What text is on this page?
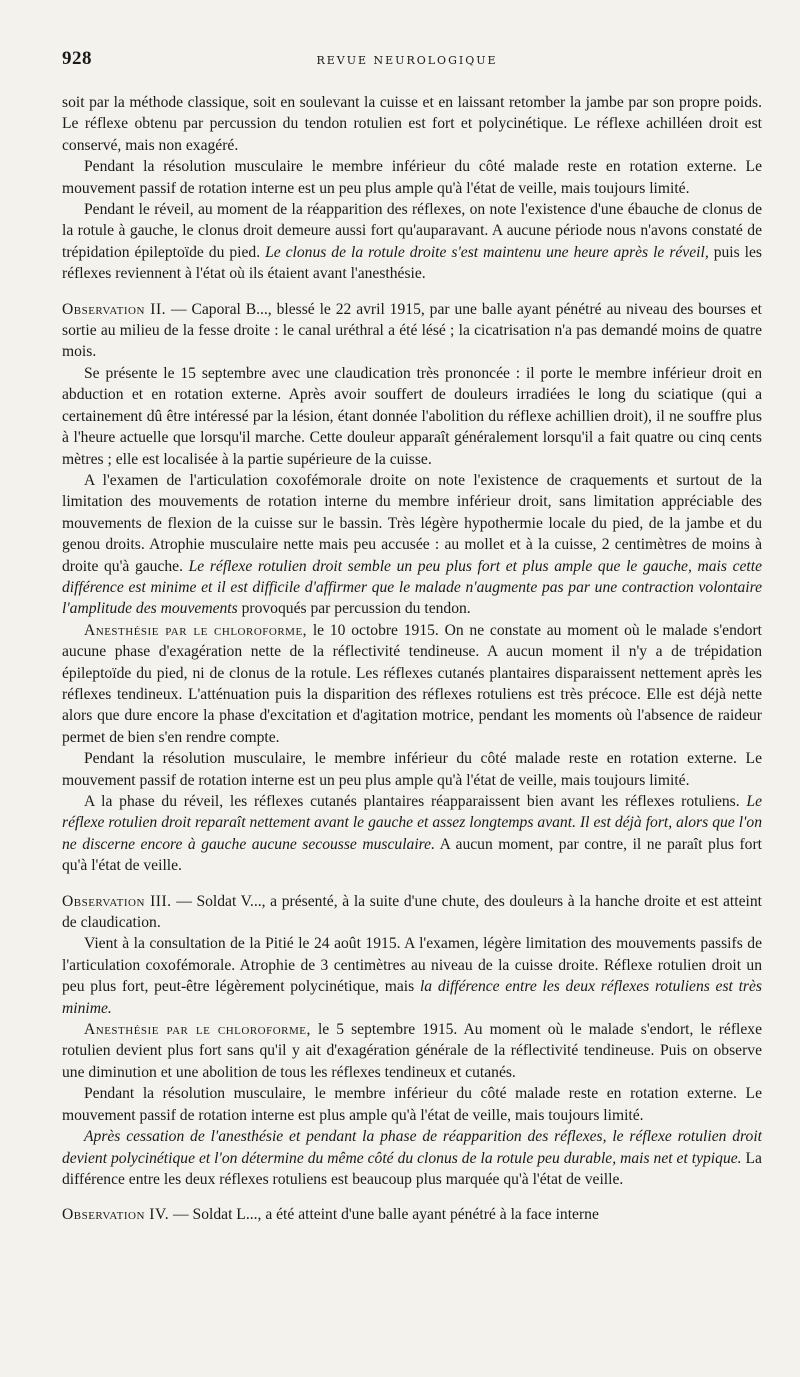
928	REVUE NEUROLOGIQUE

soit par la méthode classique, soit en soulevant la cuisse et en laissant retomber la jambe par son propre poids. Le réflexe obtenu par percussion du tendon rotulien est fort et polycinétique. Le réflexe achilléen droit est conservé, mais non exagéré.

Pendant la résolution musculaire le membre inférieur du côté malade reste en rotation externe. Le mouvement passif de rotation interne est un peu plus ample qu'à l'état de veille, mais toujours limité.

Pendant le réveil, au moment de la réapparition des réflexes, on note l'existence d'une ébauche de clonus de la rotule à gauche, le clonus droit demeure aussi fort qu'auparavant. A aucune période nous n'avons constaté de trépidation épileptoïde du pied. Le clonus de la rotule droite s'est maintenu une heure après le réveil, puis les réflexes reviennent à l'état où ils étaient avant l'anesthésie.

Observation II. — Caporal B..., blessé le 22 avril 1915, par une balle ayant pénétré au niveau des bourses et sortie au milieu de la fesse droite : le canal uréthral a été lésé ; la cicatrisation n'a pas demandé moins de quatre mois.

Se présente le 15 septembre avec une claudication très prononcée : il porte le membre inférieur droit en abduction et en rotation externe. Après avoir souffert de douleurs irradiées le long du sciatique (qui a certainement dû être intéressé par la lésion, étant donnée l'abolition du réflexe achillien droit), il ne souffre plus à l'heure actuelle que lorsqu'il marche. Cette douleur apparaît généralement lorsqu'il a fait quatre ou cinq cents mètres ; elle est localisée à la partie supérieure de la cuisse.

A l'examen de l'articulation coxofémorale droite on note l'existence de craquements et surtout de la limitation des mouvements de rotation interne du membre inférieur droit, sans limitation appréciable des mouvements de flexion de la cuisse sur le bassin. Très légère hypothermie locale du pied, de la jambe et du genou droits. Atrophie musculaire nette mais peu accusée : au mollet et à la cuisse, 2 centimètres de moins à droite qu'à gauche. Le réflexe rotulien droit semble un peu plus fort et plus ample que le gauche, mais cette différence est minime et il est difficile d'affirmer que le malade n'augmente pas par une contraction volontaire l'amplitude des mouvements provoqués par percussion du tendon.

Anesthésie par le chloroforme, le 10 octobre 1915. On ne constate au moment où le malade s'endort aucune phase d'exagération nette de la réflectivité tendineuse. A aucun moment il n'y a de trépidation épileptoïde du pied, ni de clonus de la rotule. Les réflexes cutanés plantaires disparaissent nettement après les réflexes tendineux. L'atténuation puis la disparition des réflexes rotuliens est très précoce. Elle est déjà nette alors que dure encore la phase d'excitation et d'agitation motrice, pendant les moments où l'absence de raideur permet de bien s'en rendre compte.

Pendant la résolution musculaire, le membre inférieur du côté malade reste en rotation externe. Le mouvement passif de rotation interne est un peu plus ample qu'à l'état de veille, mais toujours limité.

A la phase du réveil, les réflexes cutanés plantaires réapparaissent bien avant les réflexes rotuliens. Le réflexe rotulien droit reparaît nettement avant le gauche et assez longtemps avant. Il est déjà fort, alors que l'on ne discerne encore à gauche aucune secousse musculaire. A aucun moment, par contre, il ne paraît plus fort qu'à l'état de veille.

Observation III. — Soldat V..., a présenté, à la suite d'une chute, des douleurs à la hanche droite et est atteint de claudication.

Vient à la consultation de la Pitié le 24 août 1915. A l'examen, légère limitation des mouvements passifs de l'articulation coxofémorale. Atrophie de 3 centimètres au niveau de la cuisse droite. Réflexe rotulien droit un peu plus fort, peut-être légèrement polycinétique, mais la différence entre les deux réflexes rotuliens est très minime.

Anesthésie par le chloroforme, le 5 septembre 1915. Au moment où le malade s'endort, le réflexe rotulien devient plus fort sans qu'il y ait d'exagération générale de la réflectivité tendineuse. Puis on observe une diminution et une abolition de tous les réflexes tendineux et cutanés.

Pendant la résolution musculaire, le membre inférieur du côté malade reste en rotation externe. Le mouvement passif de rotation interne est plus ample qu'à l'état de veille, mais toujours limité.

Après cessation de l'anesthésie et pendant la phase de réapparition des réflexes, le réflexe rotulien droit devient polycinétique et l'on détermine du même côté du clonus de la rotule peu durable, mais net et typique. La différence entre les deux réflexes rotuliens est beaucoup plus marquée qu'à l'état de veille.

Observation IV. — Soldat L..., a été atteint d'une balle ayant pénétré à la face interne
